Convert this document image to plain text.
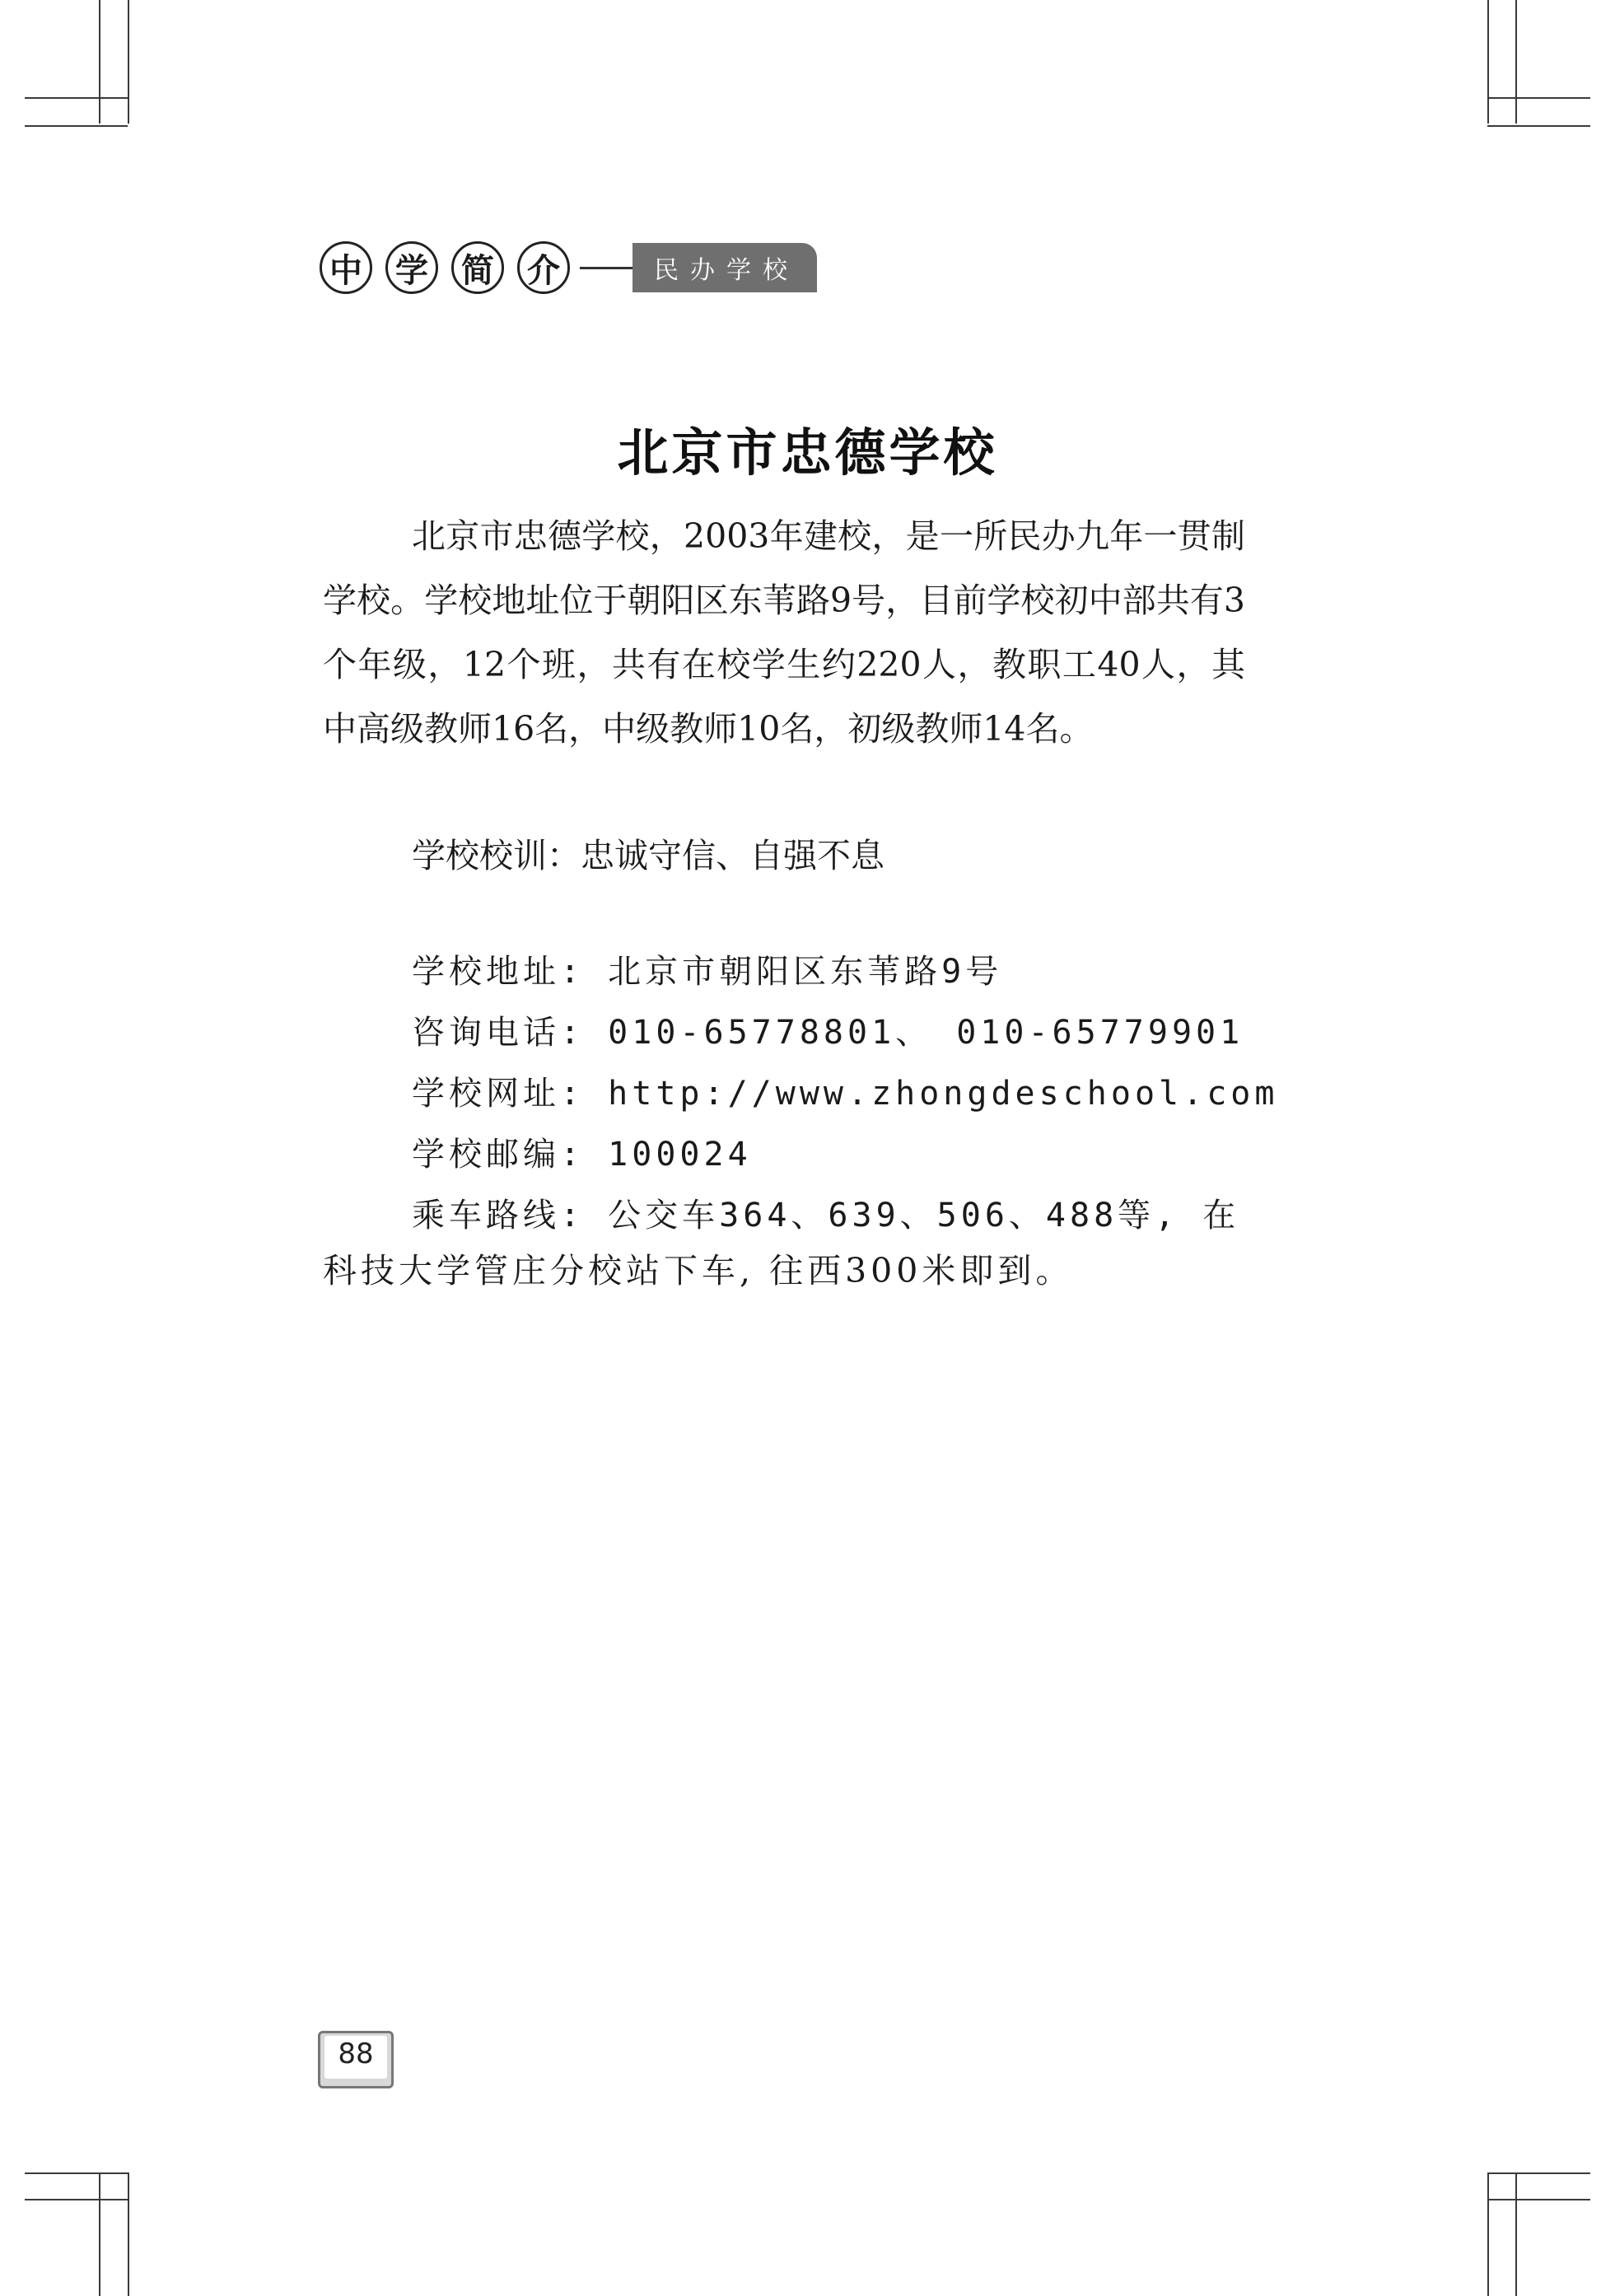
中	学	简	介	民办学校
北京市忠德学校

北京市忠德学校，2003年建校，是一所民办九年一贯制学校。学校地址位于朝阳区东苇路9号，目前学校初中部共有3个年级，12个班，共有在校学生约220人，教职工40人，其中高级教师16名，中级教师10名，初级教师14名。

学校校训：忠诚守信、自强不息

学校地址: 北京市朝阳区东苇路9号
咨询电话: 010-65778801、 010-65779901
学校网址: http://www.zhongdeschool.com
学校邮编: 100024
乘车路线: 公交车364、639、506、488等, 在
科技大学管庄分校站下车, 往西300米即到。
88
